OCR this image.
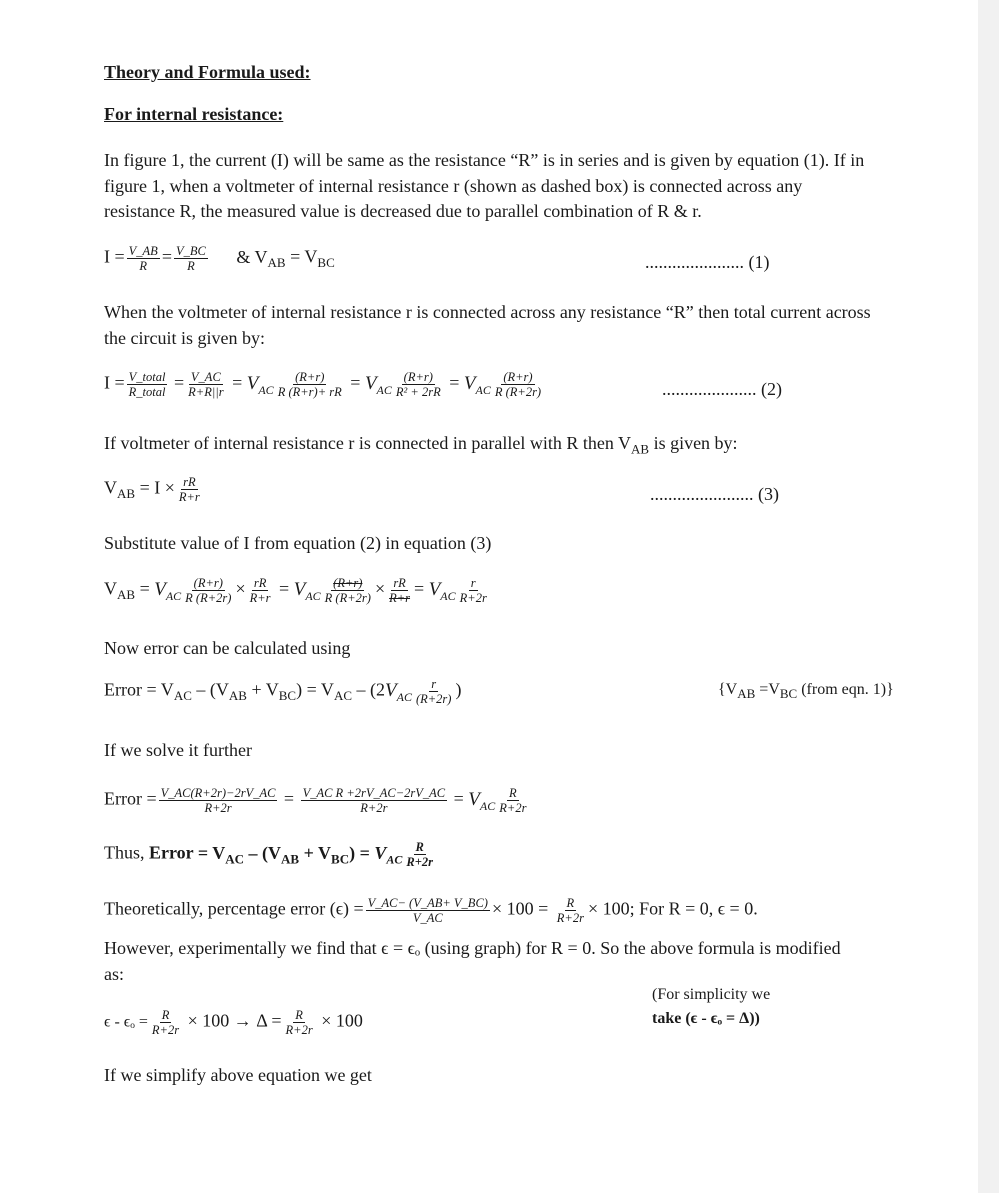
Theory and Formula used:
For internal resistance:
In figure 1, the current (I) will be same as the resistance “R” is in series and is given by equation (1). If in figure 1, when a voltmeter of internal resistance r (shown as dashed box) is connected across any resistance R, the measured value is decreased due to parallel combination of R & r.
$I = \frac{V\_AB}{R} = \frac{V\_BC}{R}$ & $V_{AB} = V_{BC}$	...................... (1)
When the voltmeter of internal resistance r is connected across any resistance “R” then total current across the circuit is given by:
$I = \frac{\text{V\_total}}{\text{R\_total}} = \frac{V\_AC}{R+R||r} = V_{AC} \frac{(R+r)}{R (R+r)+ rR} = V_{AC} \frac{(R+r)}{\text{R² + 2rR}} = V_{AC} \frac{(R+r)}{R (R+2r)}$	..................... (2)
If voltmeter of internal resistance r is connected in parallel with R then $V_{AB}$ is given by:
$V_{AB} = I \times \frac{rR}{R+r}$	....................... (3)
Substitute value of I from equation (2) in equation (3)
$V_{AB} = V_{AC} \frac{(R+r)}{R (R+2r)} \times \frac{rR}{R+r} = V_{AC} \frac{(R+r)}{R (R+2r)} \times \frac{rR}{R+r} = V_{AC} \frac{r}{R+2r}$
Now error can be calculated using
Error = $V_{AC} - (V_{AB} + V_{BC}) = V_{AC} - (2V_{AC} \frac{r}{(R+2r)}$ )	{$V_{AB} =V_{BC}$ (from eqn. 1)}
If we solve it further
Error = $\frac{V\_AC(R+2r)-2rV\_AC}{R+2r} = \frac{\text{V\_AC R +2rV\_AC−2rV\_AC}}{R+2r} = V_{AC} \frac{R}{R+2r}$
Thus, Error = $V_{AC} - (V_{AB} + V_{BC}) = V_{AC} \frac{R}{R+2r}$
Theoretically, percentage error $(\epsilon) = \frac{V\_AC- (V\_AB+ V\_BC)}{V\_AC} \times 100 = \frac{R}{R+2r} \times 100$; For R = 0, ϵ = 0.
However, experimentally we find that ϵ = ϵₒ (using graph) for R = 0. So the above formula is modified as:
$\epsilon - \epsilon_o = \frac{R}{R+2r} \times 100 \to \Delta = \frac{R}{R+2r} \times 100$
(For simplicity we
take (ϵ - ϵₒ = Δ))
If we simplify above equation we get
